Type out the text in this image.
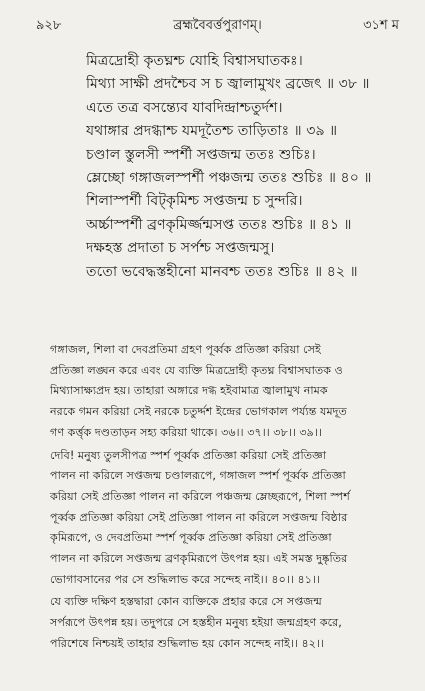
৯২৮	ব্রহ্মবৈবর্ত্তপুরাণম্।	৩১শ ম
মিত্রদ্রোহী কৃতঘ্নশ্চ যোহি বিশ্বাসঘাতকঃ।
মিথ্যা সাক্ষী প্রদশ্চৈব স চ জ্বালামুখং ব্রজেৎ ॥ ৩৮ ॥
এতে তত্র বসন্ত্যেব যাবদিন্দ্রাশ্চতুর্দশ।
যথাঙ্গার প্রদগ্ধাশ্চ যমদূতৈশ্চ তাড়িতাঃ ॥ ৩৯ ॥
চণ্ডাল স্তুলসী স্পর্শী সপ্তজন্ম ততঃ শুচিঃ।
ম্লেচ্ছো গঙ্গাজলস্পর্শী পঞ্চজন্ম ততঃ শুচিঃ ॥ ৪০ ॥
শিলাস্পর্শী বিট্‌কৃমিশ্চ সপ্তজন্ম চ সুন্দরি।
অর্চ্চাস্পর্শী ব্রণকৃমির্জ্জন্মসপ্ত ততঃ শুচিঃ ॥ ৪১ ॥
দক্ষহস্ত প্রদাতা চ সর্পশ্চ সপ্তজন্মসু।
ততো ভবেদ্ধস্তহীনো মানবশ্চ ততঃ শুচিঃ ॥ ৪২ ॥

গঙ্গাজল, শিলা বা দেবপ্রতিমা গ্রহণ পূর্ব্বক প্রতিজ্ঞা করিয়া সেই
প্রতিজ্ঞা লঙ্ঘন করে এবং যে ব্যক্তি মিত্রদ্রোহী কৃতঘ্ন বিশ্বাসঘাতক ও
মিথ্যাসাক্ষ্যপ্রদ হয়। তাহারা অঙ্গারে দগ্ধ হইবামাত্র জ্বালামুখ নামক
নরকে গমন করিয়া সেই নরকে চতুর্দ্দশ ইন্দ্রের ভোগকাল পর্য্যন্ত যমদূত
গণ কর্ত্তৃক দণ্ডতাড়ন সহ্য করিয়া থাকে। ৩৬।। ৩৭।। ৩৮।। ৩৯।।

দেবি! মনুষ্য তুলসীপত্র স্পর্শ পূর্ব্বক প্রতিজ্ঞা করিয়া সেই প্রতিজ্ঞা
পালন না করিলে সপ্তজন্ম চণ্ডালরূপে, গঙ্গাজল স্পর্শ পূর্ব্বক প্রতিজ্ঞা
করিয়া সেই প্রতিজ্ঞা পালন না করিলে পঞ্চজন্ম ম্লেচ্ছরূপে, শিলা স্পর্শ
পূর্ব্বক প্রতিজ্ঞা করিয়া সেই প্রতিজ্ঞা পালন না করিলে সপ্তজন্ম বিষ্ঠার
কৃমিরূপে, ও দেবপ্রতিমা স্পর্শ পূর্ব্বক প্রতিজ্ঞা করিয়া সেই প্রতিজ্ঞা
পালন না করিলে সপ্তজন্ম ব্রণকৃমিরূপে উৎপন্ন হয়। এই সমস্ত দুষ্কৃতির
ভোগাবসানের পর সে শুদ্ধিলাভ করে সন্দেহ নাই।। ৪০।। ৪১।।

যে ব্যক্তি দক্ষিণ হস্তদ্বারা কোন ব্যক্তিকে প্রহার করে সে সপ্তজন্ম
সর্পরূপে উৎপন্ন হয়। তদুপরে সে হস্তহীন মনুষ্য হইয়া জন্মগ্রহণ করে,
পরিশেষে নিশ্চয়ই তাহার শুদ্ধিলাভ হয় কোন সন্দেহ নাই।। ৪২।।
